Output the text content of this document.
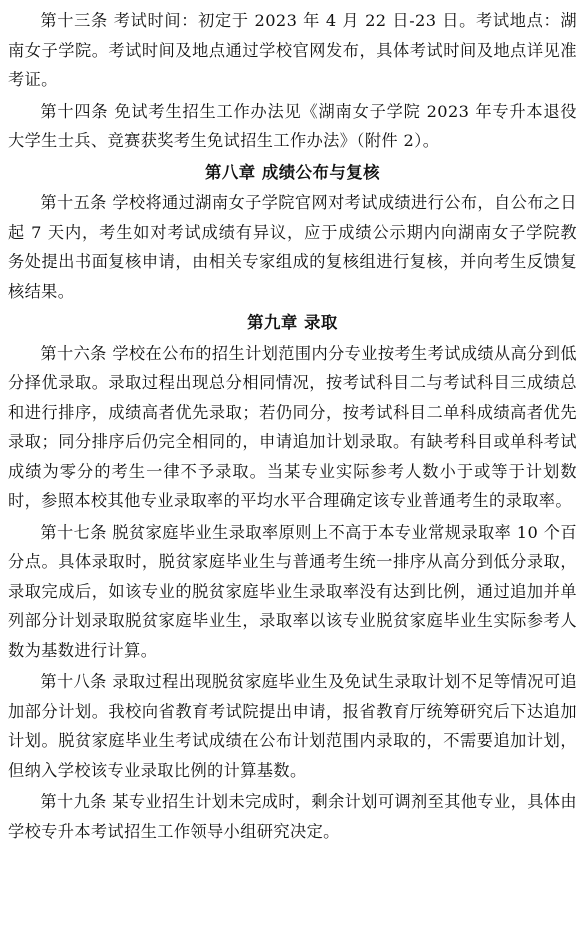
第十三条 考试时间：初定于 2023 年 4 月 22 日-23 日。考试地点：湖南女子学院。考试时间及地点通过学校官网发布，具体考试时间及地点详见准考证。

第十四条 免试考生招生工作办法见《湖南女子学院 2023 年专升本退役大学生士兵、竞赛获奖考生免试招生工作办法》（附件 2）。

第八章 成绩公布与复核

第十五条 学校将通过湖南女子学院官网对考试成绩进行公布，自公布之日起 7 天内，考生如对考试成绩有异议，应于成绩公示期内向湖南女子学院教务处提出书面复核申请，由相关专家组成的复核组进行复核，并向考生反馈复核结果。

第九章 录取

第十六条 学校在公布的招生计划范围内分专业按考生考试成绩从高分到低分择优录取。录取过程出现总分相同情况，按考试科目二与考试科目三成绩总和进行排序，成绩高者优先录取；若仍同分，按考试科目二单科成绩高者优先录取；同分排序后仍完全相同的，申请追加计划录取。有缺考科目或单科考试成绩为零分的考生一律不予录取。当某专业实际参考人数小于或等于计划数时，参照本校其他专业录取率的平均水平合理确定该专业普通考生的录取率。

第十七条 脱贫家庭毕业生录取率原则上不高于本专业常规录取率 10 个百分点。具体录取时，脱贫家庭毕业生与普通考生统一排序从高分到低分录取，录取完成后，如该专业的脱贫家庭毕业生录取率没有达到比例，通过追加并单列部分计划录取脱贫家庭毕业生，录取率以该专业脱贫家庭毕业生实际参考人数为基数进行计算。

第十八条 录取过程出现脱贫家庭毕业生及免试生录取计划不足等情况可追加部分计划。我校向省教育考试院提出申请，报省教育厅统筹研究后下达追加计划。脱贫家庭毕业生考试成绩在公布计划范围内录取的，不需要追加计划，但纳入学校该专业录取比例的计算基数。

第十九条 某专业招生计划未完成时，剩余计划可调剂至其他专业，具体由学校专升本考试招生工作领导小组研究决定。
